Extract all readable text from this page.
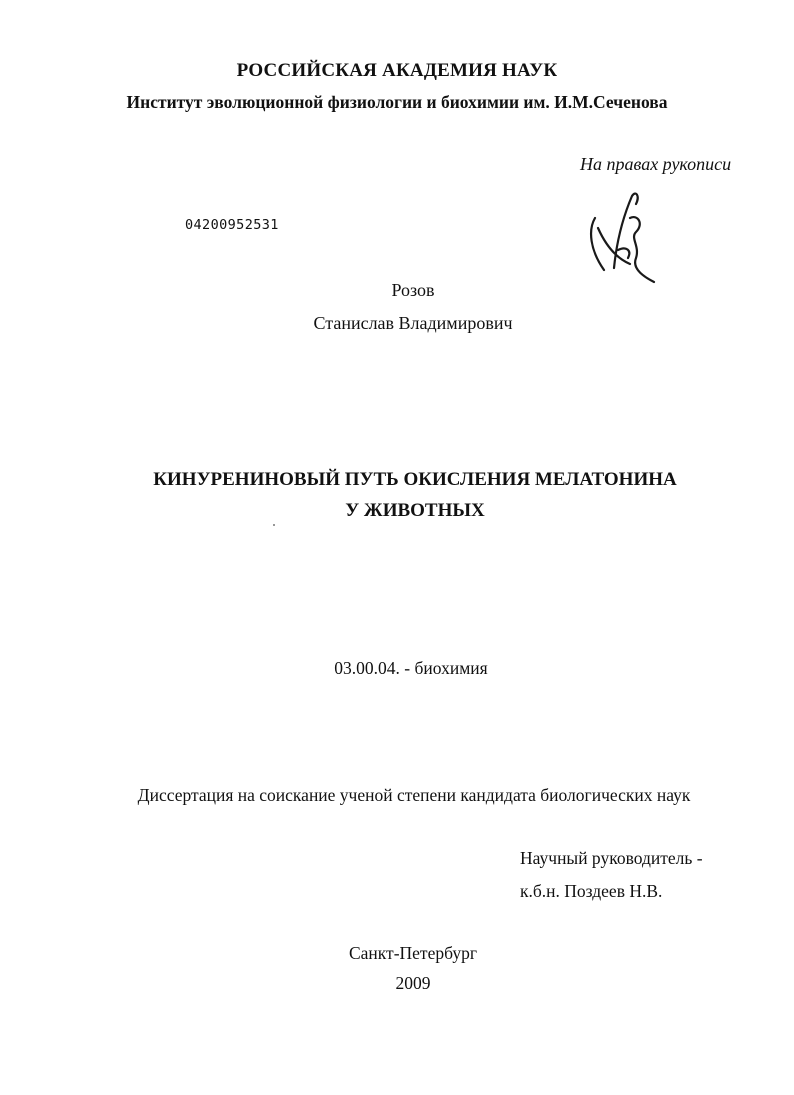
РОССИЙСКАЯ АКАДЕМИЯ НАУК

Институт эволюционной физиологии и биохимии им. И.М.Сеченова

На правах рукописи

04200952531

Розов

Станислав Владимирович

КИНУРЕНИНОВЫЙ ПУТЬ ОКИСЛЕНИЯ МЕЛАТОНИНА

У ЖИВОТНЫХ

03.00.04. - биохимия

Диссертация на соискание ученой степени кандидата биологических наук

Научный руководитель -

к.б.н. Поздеев Н.В.

Санкт-Петербург

2009
